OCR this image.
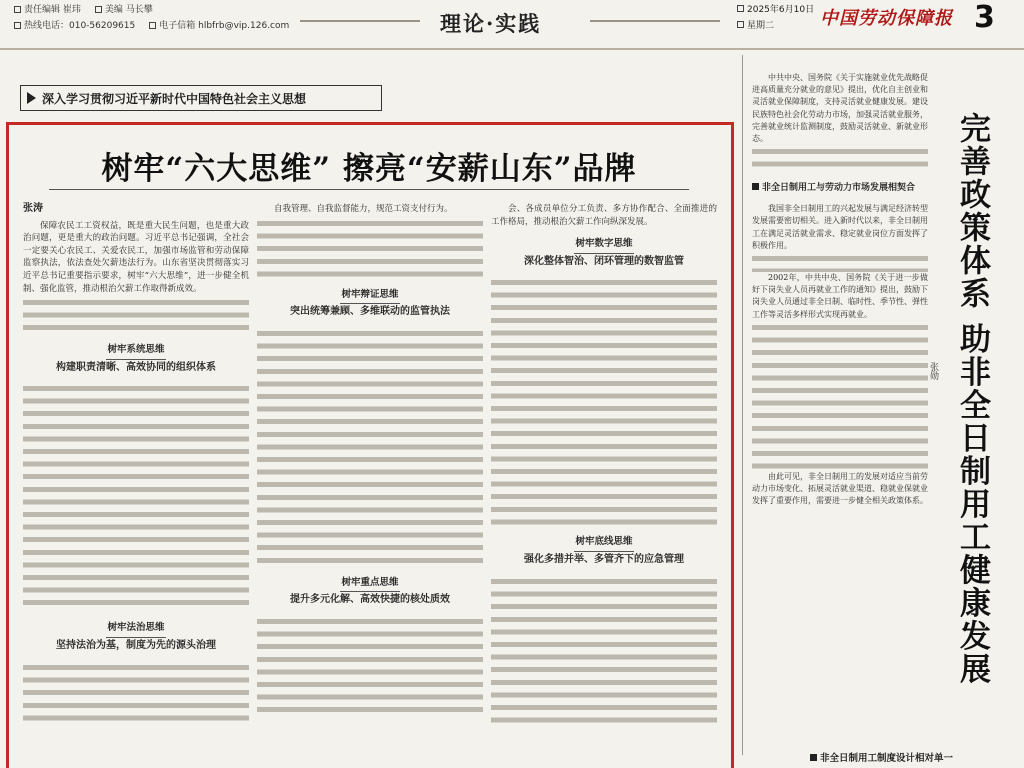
责任编辑 崔玮	美编 马长攀
热线电话：010-56209615	电子信箱 hlbfrb@vip.126.com	理论·实践
2025年6月10日
星期二	中国劳动保障报 3
深入学习贯彻习近平新时代中国特色社会主义思想
树牢“六大思维” 擦亮“安薪山东”品牌
张涛

保障农民工工资权益，既是重大民生问题，也是重大政治问题，更是重大的政治问题。习近平总书记强调，全社会一定要关心农民工、关爱农民工，加强市场监管和劳动保障监察执法，依法查处欠薪违法行为。山东省坚决贯彻落实习近平总书记重要指示要求，树牢“六大思维”，进一步健全机制、强化监管，推动根治欠薪工作取得新成效。

树牢系统思维
构建职责清晰、高效协同的组织体系
树牢法治思维
坚持法治为基，制度为先的源头治理

自我管理、自我监督能力，规范工资支付行为。

树牢辩证思维
突出统筹兼顾、多维联动的监管执法
树牢重点思维
提升多元化解、高效快捷的核处质效

会、各成员单位分工负责、多方协作配合、全面推进的工作格局，推动根治欠薪工作向纵深发展。

树牢数字思维
深化整体智治、闭环管理的数智监管
树牢底线思维
强化多措并举、多管齐下的应急管理

中共中央、国务院《关于实施就业优先战略促进高质量充分就业的意见》提出，优化自主创业和灵活就业保障制度，支持灵活就业健康发展。建设民族特色社会化劳动力市场，加强灵活就业服务，完善就业统计监测制度，鼓励灵活就业、新就业形态。

非全日制用工与劳动力市场发展相契合

我国非全日制用工的兴起发展与满足经济转型发展需要密切相关。进入新时代以来，非全日制用工在满足灵活就业需求、稳定就业岗位方面发挥了积极作用。

2002年，中共中央、国务院《关于进一步做好下岗失业人员再就业工作的通知》提出，鼓励下岗失业人员通过非全日制、临时性、季节性、弹性工作等灵活多样形式实现再就业。

由此可见，非全日制用工的发展对适应当前劳动力市场变化、拓展灵活就业渠道、稳就业保就业发挥了重要作用，需要进一步健全相关政策体系。 完善政策体系 助非全日制用工健康发展
张勋
非全日制用工制度设计相对单一
